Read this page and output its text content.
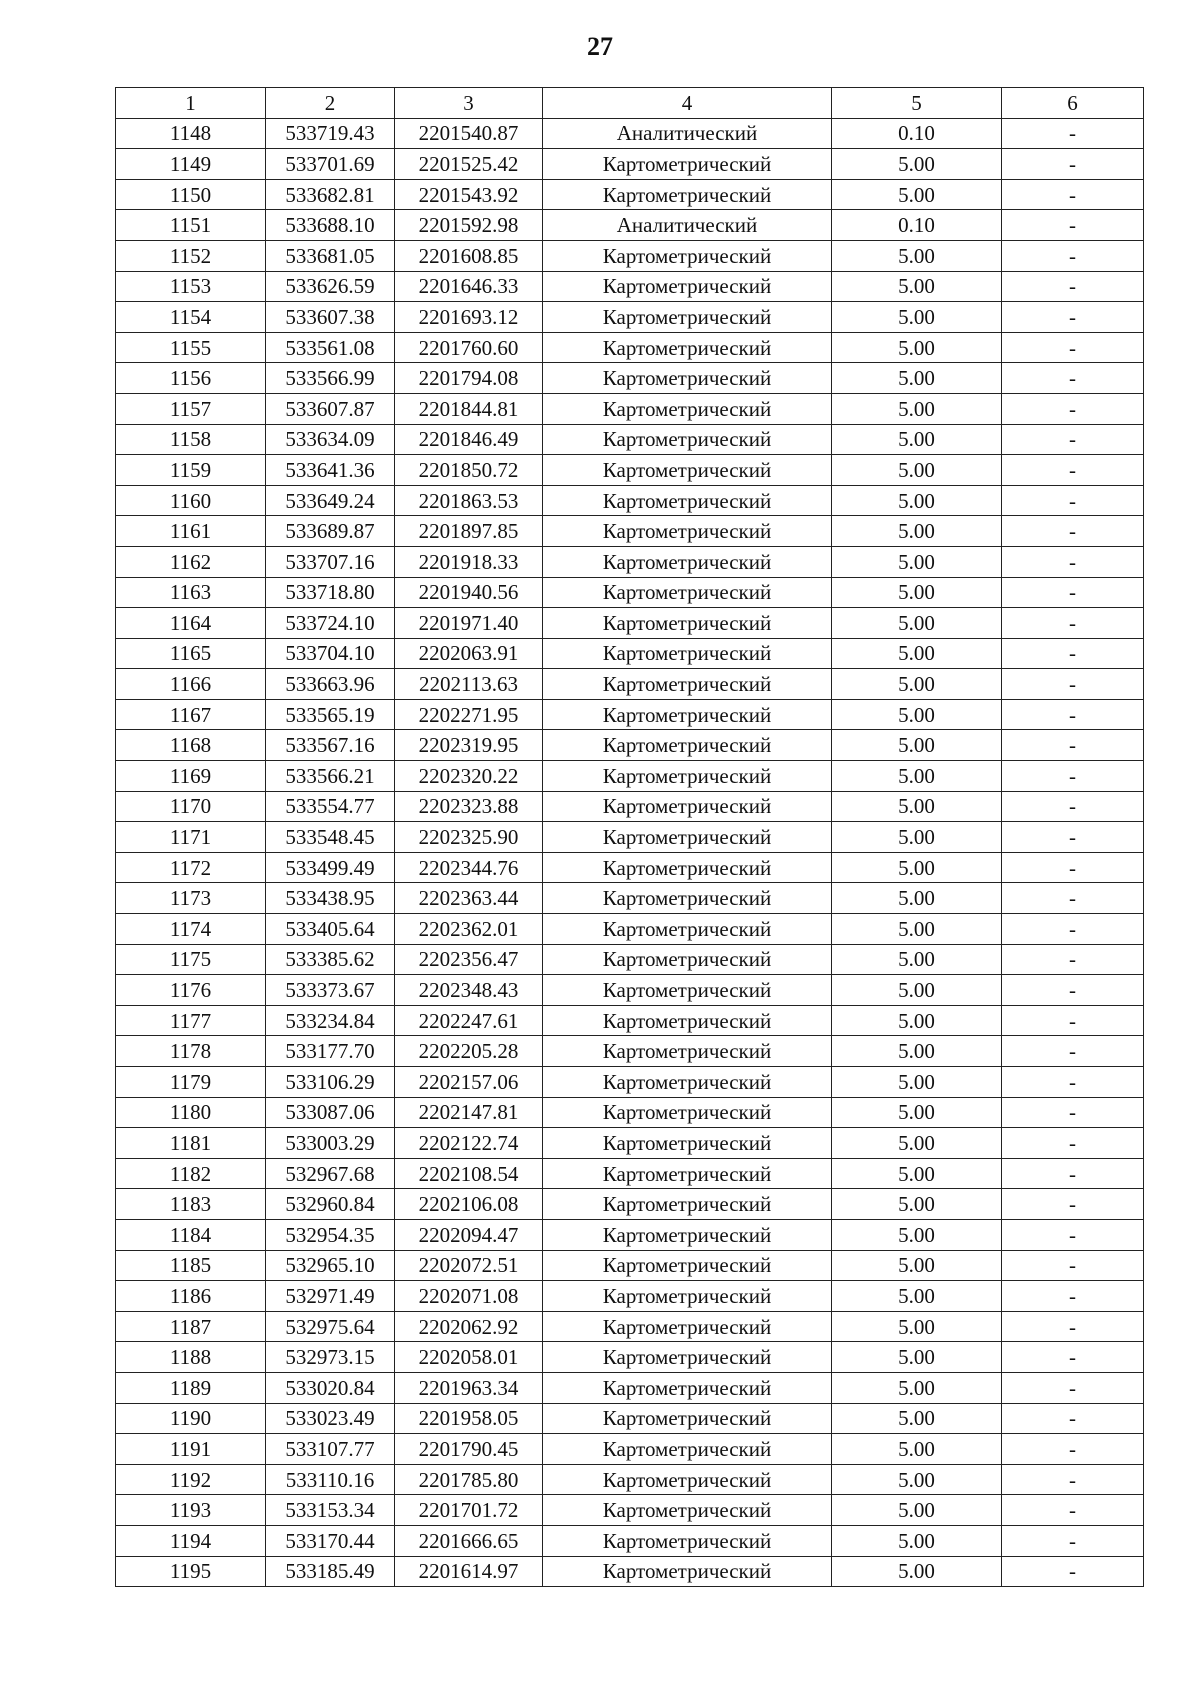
27
1	2	3	4	5	6
1148	533719.43	2201540.87	Аналитический	0.10	-
1149	533701.69	2201525.42	Картометрический	5.00	-
1150	533682.81	2201543.92	Картометрический	5.00	-
1151	533688.10	2201592.98	Аналитический	0.10	-
1152	533681.05	2201608.85	Картометрический	5.00	-
1153	533626.59	2201646.33	Картометрический	5.00	-
1154	533607.38	2201693.12	Картометрический	5.00	-
1155	533561.08	2201760.60	Картометрический	5.00	-
1156	533566.99	2201794.08	Картометрический	5.00	-
1157	533607.87	2201844.81	Картометрический	5.00	-
1158	533634.09	2201846.49	Картометрический	5.00	-
1159	533641.36	2201850.72	Картометрический	5.00	-
1160	533649.24	2201863.53	Картометрический	5.00	-
1161	533689.87	2201897.85	Картометрический	5.00	-
1162	533707.16	2201918.33	Картометрический	5.00	-
1163	533718.80	2201940.56	Картометрический	5.00	-
1164	533724.10	2201971.40	Картометрический	5.00	-
1165	533704.10	2202063.91	Картометрический	5.00	-
1166	533663.96	2202113.63	Картометрический	5.00	-
1167	533565.19	2202271.95	Картометрический	5.00	-
1168	533567.16	2202319.95	Картометрический	5.00	-
1169	533566.21	2202320.22	Картометрический	5.00	-
1170	533554.77	2202323.88	Картометрический	5.00	-
1171	533548.45	2202325.90	Картометрический	5.00	-
1172	533499.49	2202344.76	Картометрический	5.00	-
1173	533438.95	2202363.44	Картометрический	5.00	-
1174	533405.64	2202362.01	Картометрический	5.00	-
1175	533385.62	2202356.47	Картометрический	5.00	-
1176	533373.67	2202348.43	Картометрический	5.00	-
1177	533234.84	2202247.61	Картометрический	5.00	-
1178	533177.70	2202205.28	Картометрический	5.00	-
1179	533106.29	2202157.06	Картометрический	5.00	-
1180	533087.06	2202147.81	Картометрический	5.00	-
1181	533003.29	2202122.74	Картометрический	5.00	-
1182	532967.68	2202108.54	Картометрический	5.00	-
1183	532960.84	2202106.08	Картометрический	5.00	-
1184	532954.35	2202094.47	Картометрический	5.00	-
1185	532965.10	2202072.51	Картометрический	5.00	-
1186	532971.49	2202071.08	Картометрический	5.00	-
1187	532975.64	2202062.92	Картометрический	5.00	-
1188	532973.15	2202058.01	Картометрический	5.00	-
1189	533020.84	2201963.34	Картометрический	5.00	-
1190	533023.49	2201958.05	Картометрический	5.00	-
1191	533107.77	2201790.45	Картометрический	5.00	-
1192	533110.16	2201785.80	Картометрический	5.00	-
1193	533153.34	2201701.72	Картометрический	5.00	-
1194	533170.44	2201666.65	Картометрический	5.00	-
1195	533185.49	2201614.97	Картометрический	5.00	-
